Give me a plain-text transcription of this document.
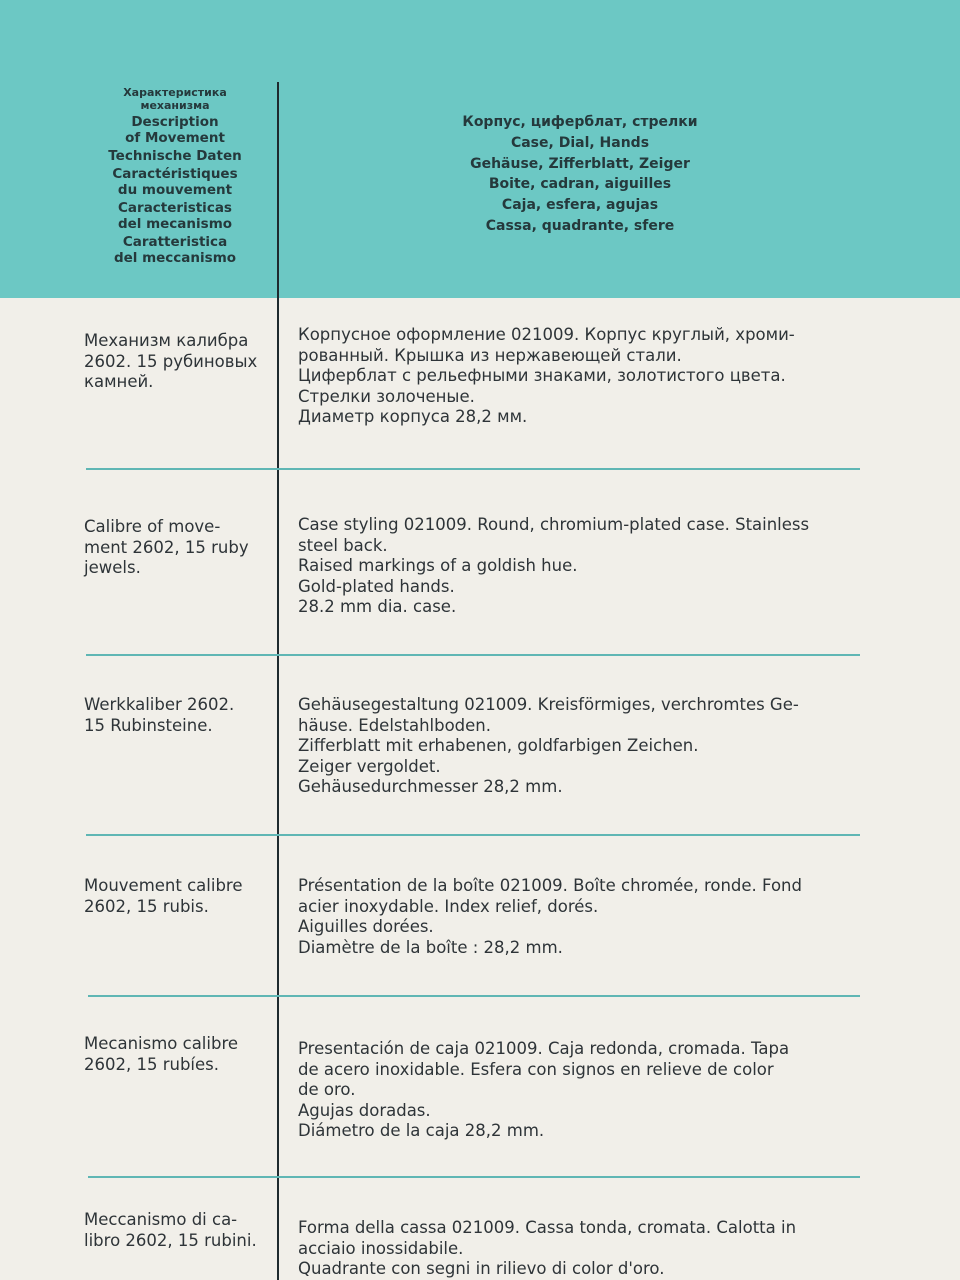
Характеристика
механизма
Description
of Movement
Technische Daten
Caractéristiques
du mouvement
Caracteristicas
del mecanismo
Caratteristica
del meccanismo
Корпус, циферблат, стрелки
Case, Dial, Hands
Gehäuse, Zifferblatt, Zeiger
Boite, cadran, aiguilles
Caja, esfera, agujas
Cassa, quadrante, sfere
Механизм калибра
2602. 15 рубиновых
камней.
Корпусное оформление 021009. Корпус круглый, хроми-
рованный. Крышка из нержавеющей стали.
Циферблат с рельефными знаками, золотистого цвета.
Стрелки золоченые.
Диаметр корпуса 28,2 мм.
Calibre of move-
ment 2602, 15 ruby
jewels.
Case styling 021009. Round, chromium-plated case. Stainless
steel back.
Raised markings of a goldish hue.
Gold-plated hands.
28.2 mm dia. case.
Werkkaliber 2602.
15 Rubinsteine.
Gehäusegestaltung 021009. Kreisförmiges, verchromtes Ge-
häuse. Edelstahlboden.
Zifferblatt mit erhabenen, goldfarbigen Zeichen.
Zeiger vergoldet.
Gehäusedurchmesser 28,2 mm.
Mouvement calibre
2602, 15 rubis.
Présentation de la boîte 021009. Boîte chromée, ronde. Fond
acier inoxydable. Index relief, dorés.
Aiguilles dorées.
Diamètre de la boîte : 28,2 mm.
Mecanismo calibre
2602, 15 rubíes.
Presentación de caja 021009. Caja redonda, cromada. Tapa
de acero inoxidable. Esfera con signos en relieve de color
de oro.
Agujas doradas.
Diámetro de la caja 28,2 mm.
Meccanismo di ca-
libro 2602, 15 rubini.
Forma della cassa 021009. Cassa tonda, cromata. Calotta in
acciaio inossidabile.
Quadrante con segni in rilievo di color d'oro.
